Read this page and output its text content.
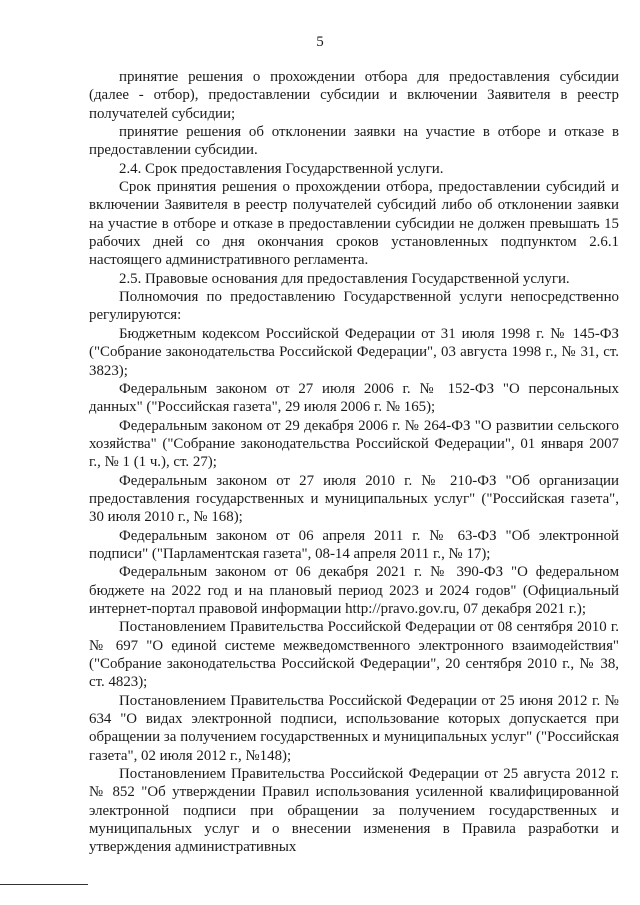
5

принятие решения о прохождении отбора для предоставления субсидии (далее - отбор), предоставлении субсидии и включении Заявителя в реестр получателей субсидии;

принятие решения об отклонении заявки на участие в отборе и отказе в предоставлении субсидии.

2.4. Срок предоставления Государственной услуги.

Срок принятия решения о прохождении отбора, предоставлении субсидий и включении Заявителя в реестр получателей субсидий либо об отклонении заявки на участие в отборе и отказе в предоставлении субсидии не должен превышать 15 рабочих дней со дня окончания сроков установленных подпунктом 2.6.1 настоящего административного регламента.

2.5. Правовые основания для предоставления Государственной услуги.

Полномочия по предоставлению Государственной услуги непосредственно регулируются:

Бюджетным кодексом Российской Федерации от 31 июля 1998 г. № 145-ФЗ ("Собрание законодательства Российской Федерации", 03 августа 1998 г., № 31, ст. 3823);

Федеральным законом от 27 июля 2006 г. № 152-ФЗ "О персональных данных" ("Российская газета", 29 июля 2006 г. № 165);

Федеральным законом от 29 декабря 2006 г. № 264-ФЗ "О развитии сельского хозяйства" ("Собрание законодательства Российской Федерации", 01 января 2007 г., № 1 (1 ч.), ст. 27);

Федеральным законом от 27 июля 2010 г. № 210-ФЗ "Об организации предоставления государственных и муниципальных услуг" ("Российская газета", 30 июля 2010 г., № 168);

Федеральным законом от 06 апреля 2011 г. № 63-ФЗ "Об электронной подписи" ("Парламентская газета", 08-14 апреля 2011 г., № 17);

Федеральным законом от 06 декабря 2021 г. № 390-ФЗ "О федеральном бюджете на 2022 год и на плановый период 2023 и 2024 годов" (Официальный интернет-портал правовой информации http://pravo.gov.ru, 07 декабря 2021 г.);

Постановлением Правительства Российской Федерации от 08 сентября 2010 г. № 697 "О единой системе межведомственного электронного взаимодействия" ("Собрание законодательства Российской Федерации", 20 сентября 2010 г., № 38, ст. 4823);

Постановлением Правительства Российской Федерации от 25 июня 2012 г. № 634 "О видах электронной подписи, использование которых допускается при обращении за получением государственных и муниципальных услуг" ("Российская газета", 02 июля 2012 г., №148);

Постановлением Правительства Российской Федерации от 25 августа 2012 г. № 852 "Об утверждении Правил использования усиленной квалифицированной электронной подписи при обращении за получением государственных и муниципальных услуг и о внесении изменения в Правила разработки и утверждения административных
